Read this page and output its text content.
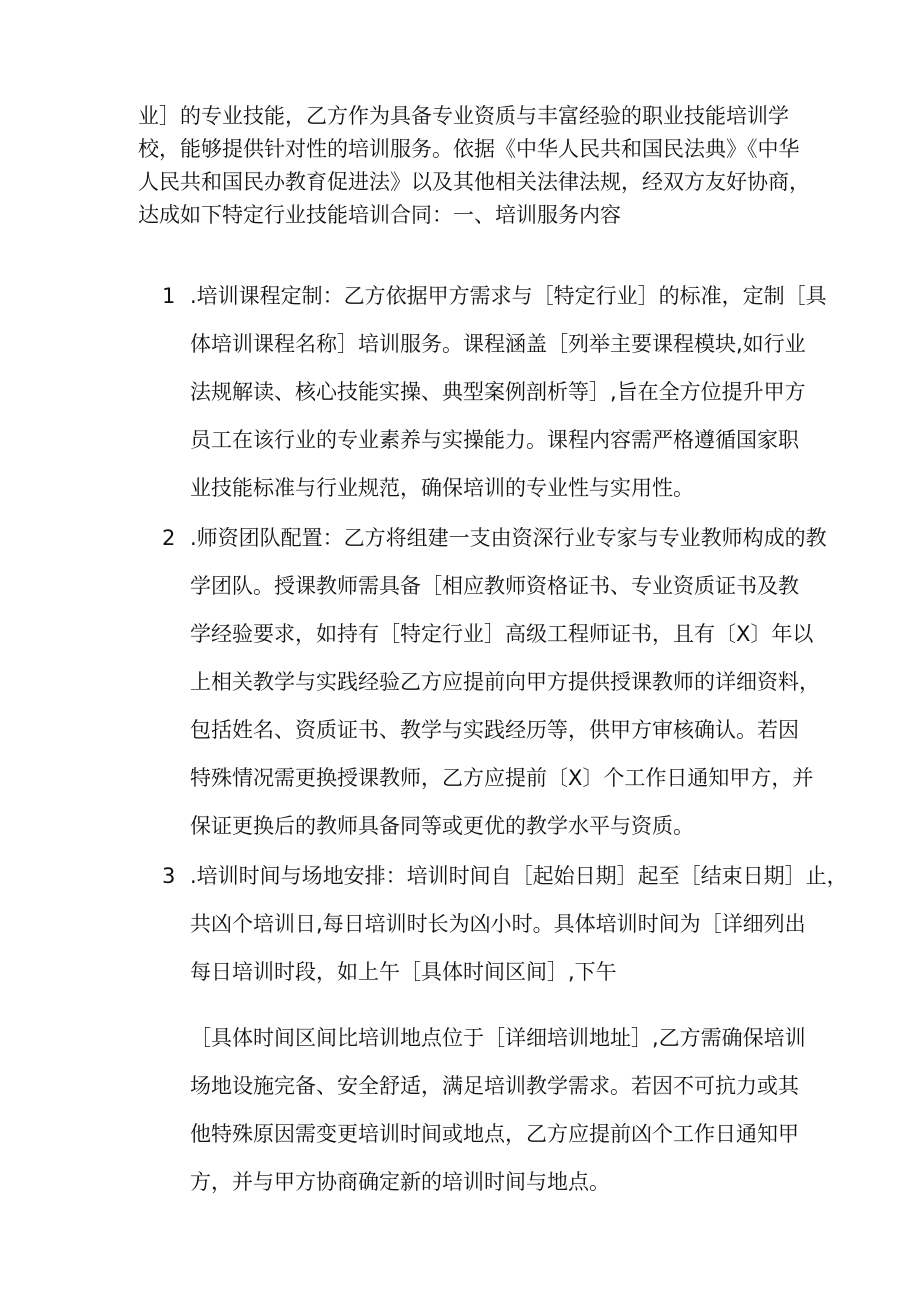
业］的专业技能，乙方作为具备专业资质与丰富经验的职业技能培训学
校，能够提供针对性的培训服务。依据《中华人民共和国民法典》《中华
人民共和国民办教育促进法》以及其他相关法律法规，经双方友好协商，
达成如下特定行业技能培训合同：一、培训服务内容
1 .培训课程定制：乙方依据甲方需求与［特定行业］的标准，定制［具
体培训课程名称］培训服务。课程涵盖［列举主要课程模块,如行业
法规解读、核心技能实操、典型案例剖析等］,旨在全方位提升甲方
员工在该行业的专业素养与实操能力。课程内容需严格遵循国家职
业技能标准与行业规范，确保培训的专业性与实用性。
2 .师资团队配置：乙方将组建一支由资深行业专家与专业教师构成的教
学团队。授课教师需具备［相应教师资格证书、专业资质证书及教
学经验要求，如持有［特定行业］高级工程师证书，且有〔X〕年以
上相关教学与实践经验乙方应提前向甲方提供授课教师的详细资料，
包括姓名、资质证书、教学与实践经历等，供甲方审核确认。若因
特殊情况需更换授课教师，乙方应提前〔X〕个工作日通知甲方，并
保证更换后的教师具备同等或更优的教学水平与资质。
3 .培训时间与场地安排：培训时间自［起始日期］起至［结束日期］止，
共凶个培训日,每日培训时长为凶小时。具体培训时间为［详细列出
每日培训时段，如上午［具体时间区间］,下午
［具体时间区间比培训地点位于［详细培训地址］,乙方需确保培训
场地设施完备、安全舒适，满足培训教学需求。若因不可抗力或其
他特殊原因需变更培训时间或地点，乙方应提前凶个工作日通知甲
方，并与甲方协商确定新的培训时间与地点。
